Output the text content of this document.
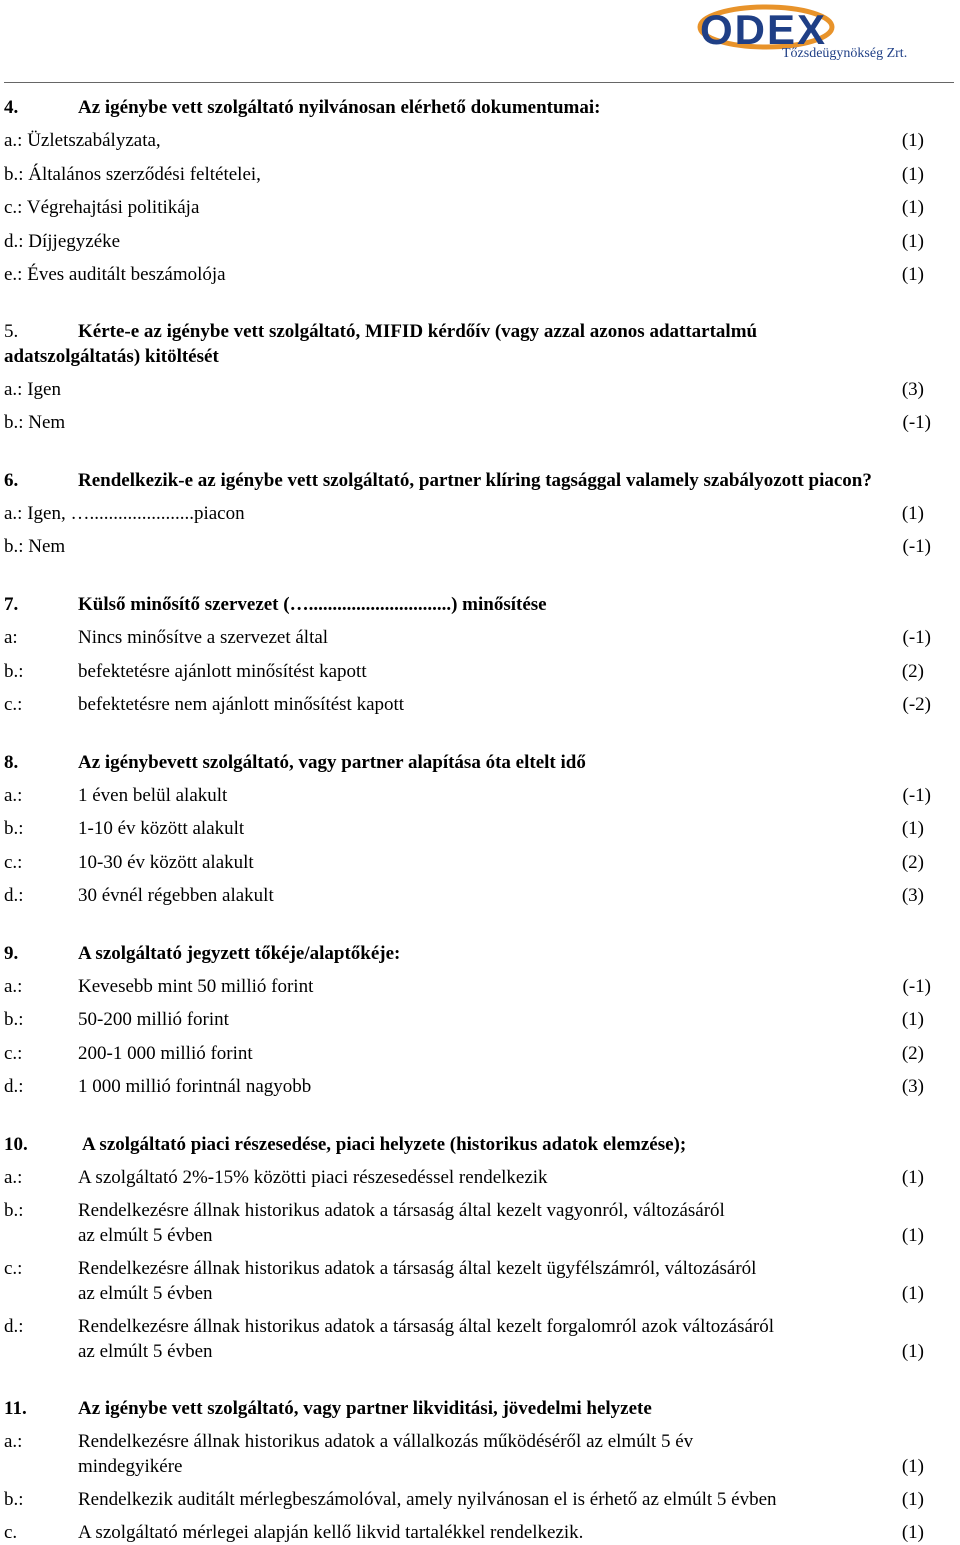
ODEX
Tőzsdeügynökség Zrt.
4.	Az igénybe vett szolgáltató nyilvánosan elérhető dokumentumai:
a.: Üzletszabályzata,	(1)
b.: Általános szerződési feltételei,	(1)
c.: Végrehajtási politikája	(1)
d.: Díjjegyzéke	(1)
e.: Éves auditált beszámolója	(1)
5.	Kérte-e az igénybe vett szolgáltató, MIFID kérdőív (vagy azzal azonos adattartalmú
adatszolgáltatás) kitöltését
a.: Igen	(3)
b.: Nem	(-1)
6.	Rendelkezik-e az igénybe vett szolgáltató, partner klíring tagsággal valamely szabályozott piacon?
a.: Igen, …......................piacon	(1)
b.: Nem	(-1)
7.	Külső minősítő szervezet (…..............................) minősítése
a:	Nincs minősítve a szervezet által	(-1)
b.:	befektetésre ajánlott minősítést kapott	(2)
c.:	befektetésre nem ajánlott minősítést kapott	(-2)
8.	Az igénybevett szolgáltató, vagy partner alapítása óta eltelt idő
a.:	1 éven belül alakult	(-1)
b.:	1-10 év között alakult	(1)
c.:	10-30 év között alakult	(2)
d.:	30 évnél régebben alakult	(3)
9.	A szolgáltató jegyzett tőkéje/alaptőkéje:
a.:	Kevesebb mint 50 millió forint	(-1)
b.:	50-200 millió forint	(1)
c.:	200-1 000 millió forint	(2)
d.:	1 000 millió forintnál nagyobb	(3)
10.	A szolgáltató piaci részesedése, piaci helyzete (historikus adatok elemzése);
a.:	A szolgáltató 2%-15% közötti piaci részesedéssel rendelkezik	(1)
b.:	Rendelkezésre állnak historikus adatok a társaság által kezelt vagyonról, változásáról
az elmúlt 5 évben	(1)
c.:	Rendelkezésre állnak historikus adatok a társaság által kezelt ügyfélszámról, változásáról
az elmúlt 5 évben	(1)
d.:	Rendelkezésre állnak historikus adatok a társaság által kezelt forgalomról azok változásáról
az elmúlt 5 évben	(1)
11.	Az igénybe vett szolgáltató, vagy partner likviditási, jövedelmi helyzete
a.:	Rendelkezésre állnak historikus adatok a vállalkozás működéséről az elmúlt 5 év
mindegyikére	(1)
b.:	Rendelkezik auditált mérlegbeszámolóval, amely nyilvánosan el is érhető az elmúlt 5 évben	(1)
c.	A szolgáltató mérlegei alapján kellő likvid tartalékkel rendelkezik.	(1)
